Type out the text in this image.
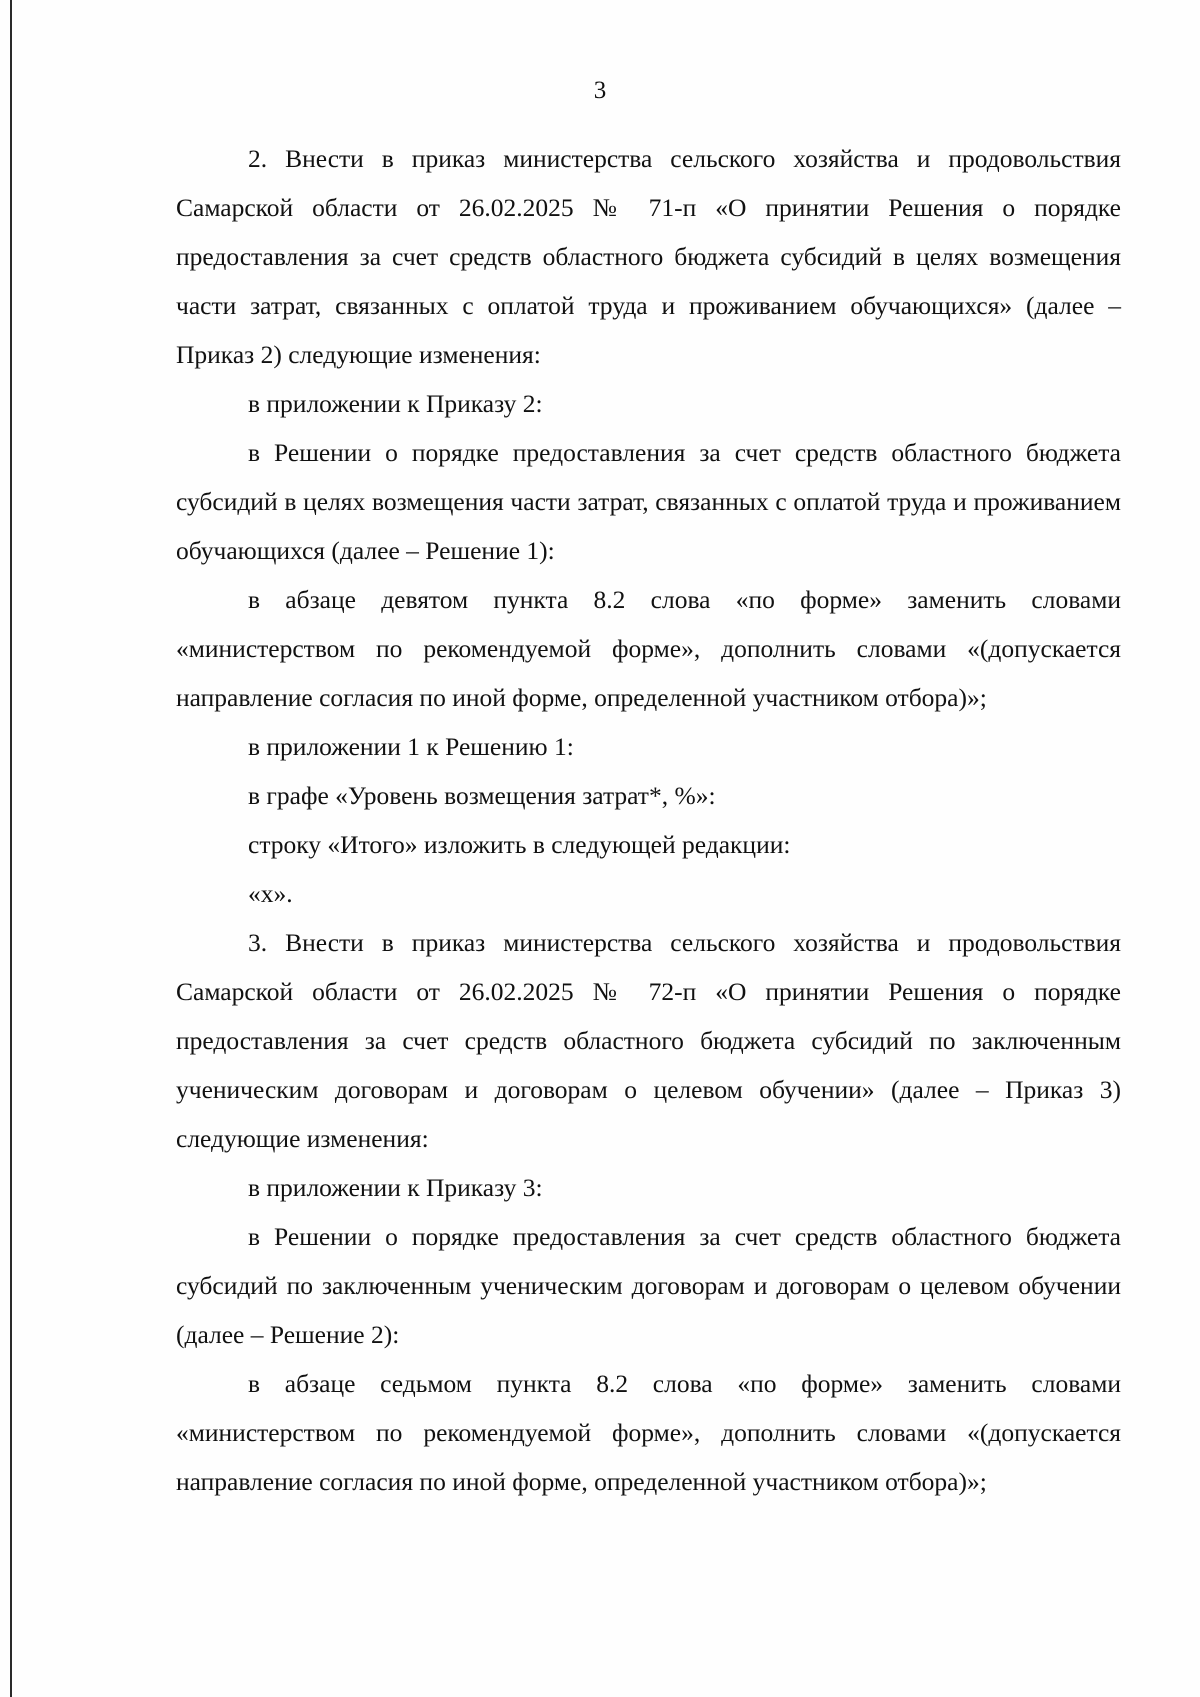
3

2. Внести в приказ министерства сельского хозяйства и продовольствия Самарской области от 26.02.2025 № 71-п «О принятии Решения о порядке предоставления за счет средств областного бюджета субсидий в целях возмещения части затрат, связанных с оплатой труда и проживанием обучающихся» (далее – Приказ 2) следующие изменения:

в приложении к Приказу 2:

в Решении о порядке предоставления за счет средств областного бюджета субсидий в целях возмещения части затрат, связанных с оплатой труда и проживанием обучающихся (далее – Решение 1):

в абзаце девятом пункта 8.2 слова «по форме» заменить словами «министерством по рекомендуемой форме», дополнить словами «(допускается направление согласия по иной форме, определенной участником отбора)»;

в приложении 1 к Решению 1:

в графе «Уровень возмещения затрат*, %»:

строку «Итого» изложить в следующей редакции:

«х».

3. Внести в приказ министерства сельского хозяйства и продовольствия Самарской области от 26.02.2025 № 72-п «О принятии Решения о порядке предоставления за счет средств областного бюджета субсидий по заключенным ученическим договорам и договорам о целевом обучении» (далее – Приказ 3) следующие изменения:

в приложении к Приказу 3:

в Решении о порядке предоставления за счет средств областного бюджета субсидий по заключенным ученическим договорам и договорам о целевом обучении (далее – Решение 2):

в абзаце седьмом пункта 8.2 слова «по форме» заменить словами «министерством по рекомендуемой форме», дополнить словами «(допускается направление согласия по иной форме, определенной участником отбора)»;
